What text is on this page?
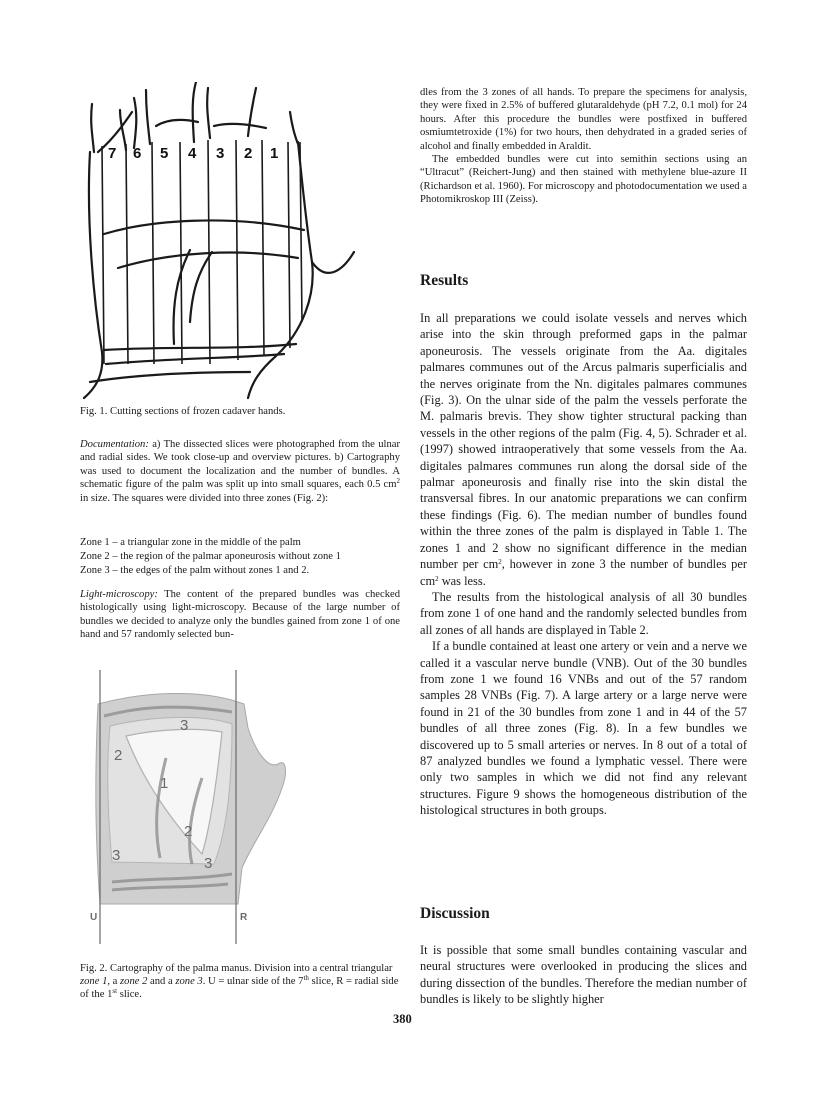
7 6 5 4 3 2 1

Fig. 1. Cutting sections of frozen cadaver hands.

Documentation: a) The dissected slices were photographed from the ulnar and radial sides. We took close-up and overview pictures. b) Cartography was used to document the localization and the number of bundles. A schematic figure of the palm was split up into small squares, each 0.5 $cm^2$ in size. The squares were divided into three zones (Fig. 2):

Zone 1 – a triangular zone in the middle of the palm

Zone 2 – the region of the palmar aponeurosis without zone 1

Zone 3 – the edges of the palm without zones 1 and 2.

Light-microscopy: The content of the prepared bundles was checked histologically using light-microscopy. Because of the large number of bundles we decided to analyze only the bundles gained from zone 1 of one hand and 57 randomly selected bun-

3
2
1
2
3	3
U	R

Fig. 2. Cartography of the palma manus. Division into a central triangular zone 1, a zone 2 and a zone 3. U = ulnar side of the 7th slice, R = radial side of the 1st slice.

dles from the 3 zones of all hands. To prepare the specimens for analysis, they were fixed in 2.5% of buffered glutaraldehyde (pH 7.2, 0.1 mol) for 24 hours. After this procedure the bundles were postfixed in buffered osmiumtetroxide (1%) for two hours, then dehydrated in a graded series of alcohol and finally embedded in Araldit.

The embedded bundles were cut into semithin sections using an “Ultracut” (Reichert-Jung) and then stained with methylene blue-azure II (Richardson et al. 1960). For microscopy and photodocumentation we used a Photomikroskop III (Zeiss).

Results

In all preparations we could isolate vessels and nerves which arise into the skin through preformed gaps in the palmar aponeurosis. The vessels originate from the Aa. digitales palmares communes out of the Arcus palmaris superficialis and the nerves originate from the Nn. digitales palmares communes (Fig. 3). On the ulnar side of the palm the vessels perforate the M. palmaris brevis. They show tighter structural packing than vessels in the other regions of the palm (Fig. 4, 5). Schrader et al. (1997) showed intraoperatively that some vessels from the Aa. digitales palmares communes run along the dorsal side of the palmar aponeurosis and finally rise into the skin distal the transversal fibres. In our anatomic preparations we can confirm these findings (Fig. 6). The median number of bundles found within the three zones of the palm is displayed in Table 1. The zones 1 and 2 show no significant difference in the median number per $cm^2$, however in zone 3 the number of bundles per $cm^2$ was less.

The results from the histological analysis of all 30 bundles from zone 1 of one hand and the randomly selected bundles from all zones of all hands are displayed in Table 2.

If a bundle contained at least one artery or vein and a nerve we called it a vascular nerve bundle (VNB). Out of the 30 bundles from zone 1 we found 16 VNBs and out of the 57 random samples 28 VNBs (Fig. 7). A large artery or a large nerve were found in 21 of the 30 bundles from zone 1 and in 44 of the 57 bundles of all three zones (Fig. 8). In a few bundles we discovered up to 5 small arteries or nerves. In 8 out of a total of 87 analyzed bundles we found a lymphatic vessel. There were only two samples in which we did not find any relevant structures. Figure 9 shows the homogeneous distribution of the histological structures in both groups.

Discussion

It is possible that some small bundles containing vascular and neural structures were overlooked in producing the slices and during dissection of the bundles. Therefore the median number of bundles is likely to be slightly higher

380
